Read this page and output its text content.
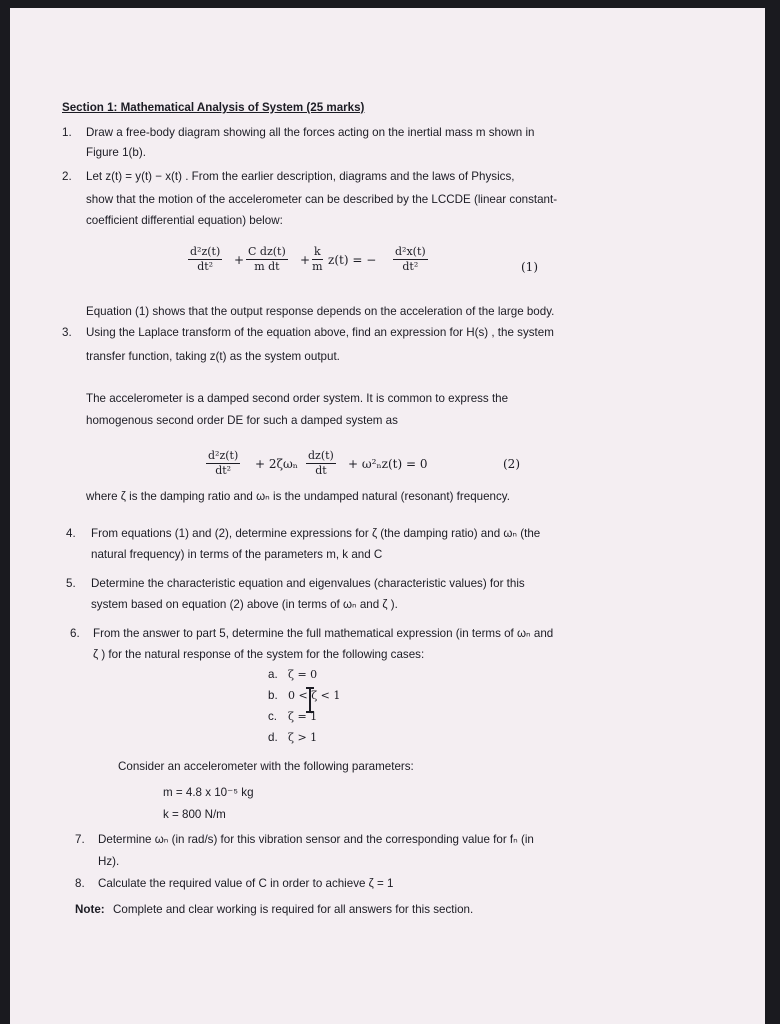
Section 1: Mathematical Analysis of System (25 marks)
1. Draw a free-body diagram showing all the forces acting on the inertial mass m shown in
Figure 1(b).
2. Let z(t) = y(t) − x(t) . From the earlier description, diagrams and the laws of Physics,
show that the motion of the accelerometer can be described by the LCCDE (linear constant-
coefficient differential equation) below:
$\frac{\text{d²z(t)}}{\text{dt²}} + \frac{\text{C dz(t)}}{\text{m dt}} + \frac{k}{m} z(t)$ = − $\frac{\text{d²x(t)}}{\text{dt²}}$	(1)
Equation (1) shows that the output response depends on the acceleration of the large body.
3. Using the Laplace transform of the equation above, find an expression for H(s) , the system
transfer function, taking z(t) as the system output.
The accelerometer is a damped second order system. It is common to express the
homogenous second order DE for such a damped system as
$\frac{\text{d²z(t)}}{\text{dt²}} + 2\zeta\omega_n \frac{dz(t)}{dt} + \omega^2_nz(t) = 0$	(2)
where ζ is the damping ratio and ωₙ is the undamped natural (resonant) frequency.
4. From equations (1) and (2), determine expressions for ζ (the damping ratio) and ωₙ (the
natural frequency) in terms of the parameters m, k and C
5. Determine the characteristic equation and eigenvalues (characteristic values) for this
system based on equation (2) above (in terms of ωₙ and ζ ).
6. From the answer to part 5, determine the full mathematical expression (in terms of ωₙ and
ζ ) for the natural response of the system for the following cases:
a. ζ = 0
b. 0 < ζ < 1
c. ζ = 1
d. ζ > 1
Consider an accelerometer with the following parameters:
m = 4.8 x 10⁻⁵ kg
k = 800 N/m
7. Determine ωₙ (in rad/s) for this vibration sensor and the corresponding value for fₙ (in
Hz).
8. Calculate the required value of C in order to achieve ζ = 1
Note: Complete and clear working is required for all answers for this section.
